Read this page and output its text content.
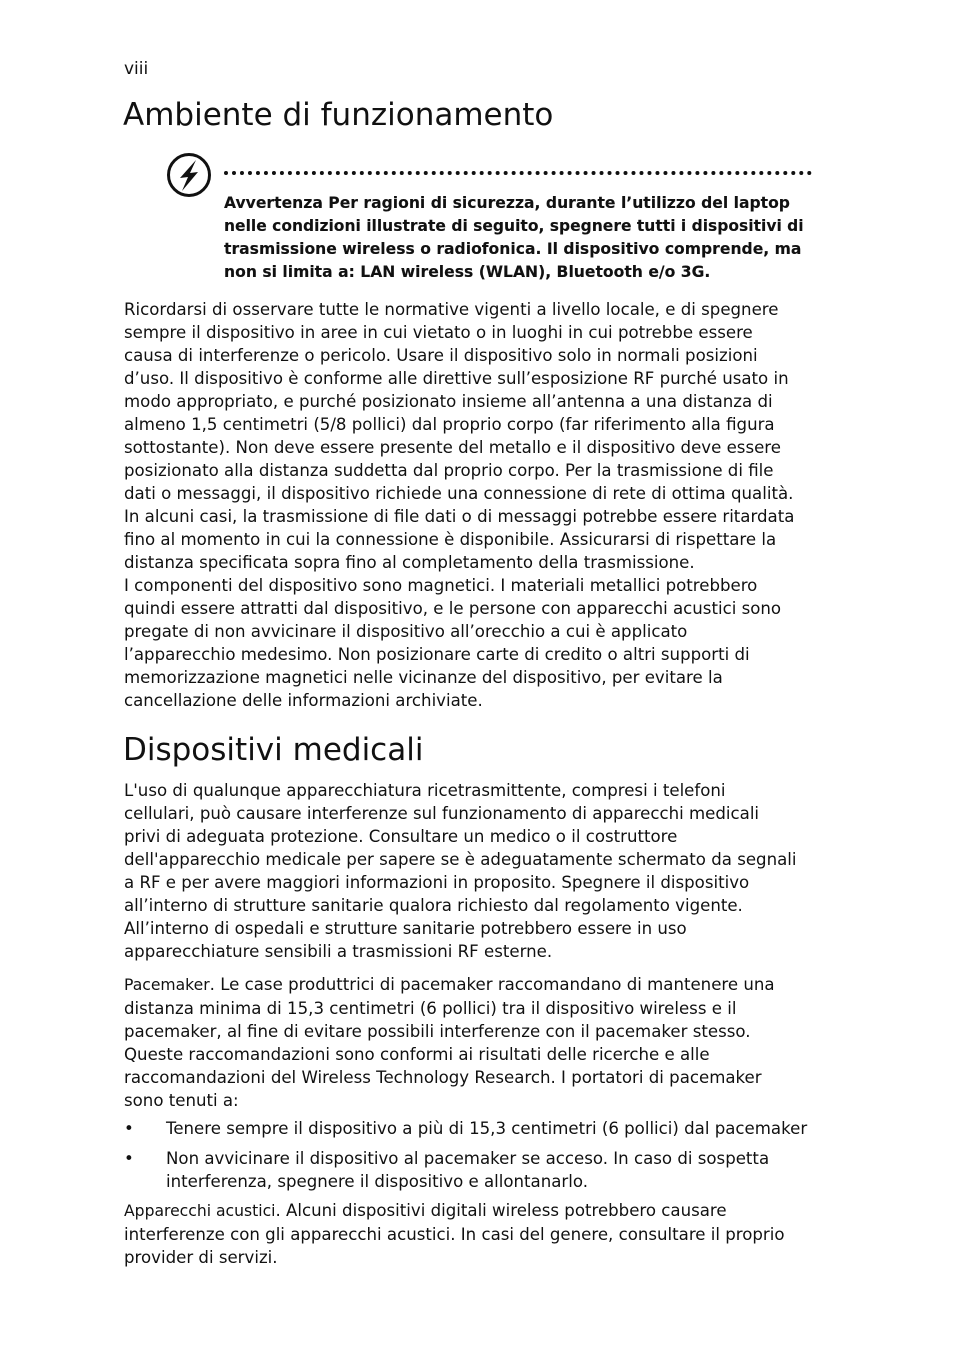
viii
Ambiente di funzionamento
Avvertenza Per ragioni di sicurezza, durante l’utilizzo del laptop
nelle condizioni illustrate di seguito, spegnere tutti i dispositivi di
trasmissione wireless o radiofonica. Il dispositivo comprende, ma
non si limita a: LAN wireless (WLAN), Bluetooth e/o 3G.
Ricordarsi di osservare tutte le normative vigenti a livello locale, e di spegnere
sempre il dispositivo in aree in cui vietato o in luoghi in cui potrebbe essere
causa di interferenze o pericolo. Usare il dispositivo solo in normali posizioni
d’uso. Il dispositivo è conforme alle direttive sull’esposizione RF purché usato in
modo appropriato, e purché posizionato insieme all’antenna a una distanza di
almeno 1,5 centimetri (5/8 pollici) dal proprio corpo (far riferimento alla figura
sottostante). Non deve essere presente del metallo e il dispositivo deve essere
posizionato alla distanza suddetta dal proprio corpo. Per la trasmissione di file
dati o messaggi, il dispositivo richiede una connessione di rete di ottima qualità.
In alcuni casi, la trasmissione di file dati o di messaggi potrebbe essere ritardata
fino al momento in cui la connessione è disponibile. Assicurarsi di rispettare la
distanza specificata sopra fino al completamento della trasmissione.
I componenti del dispositivo sono magnetici. I materiali metallici potrebbero
quindi essere attratti dal dispositivo, e le persone con apparecchi acustici sono
pregate di non avvicinare il dispositivo all’orecchio a cui è applicato
l’apparecchio medesimo. Non posizionare carte di credito o altri supporti di
memorizzazione magnetici nelle vicinanze del dispositivo, per evitare la
cancellazione delle informazioni archiviate.
Dispositivi medicali
L'uso di qualunque apparecchiatura ricetrasmittente, compresi i telefoni
cellulari, può causare interferenze sul funzionamento di apparecchi medicali
privi di adeguata protezione. Consultare un medico o il costruttore
dell'apparecchio medicale per sapere se è adeguatamente schermato da segnali
a RF e per avere maggiori informazioni in proposito. Spegnere il dispositivo
all’interno di strutture sanitarie qualora richiesto dal regolamento vigente.
All’interno di ospedali e strutture sanitarie potrebbero essere in uso
apparecchiature sensibili a trasmissioni RF esterne.
Pacemaker. Le case produttrici di pacemaker raccomandano di mantenere una
distanza minima di 15,3 centimetri (6 pollici) tra il dispositivo wireless e il
pacemaker, al fine di evitare possibili interferenze con il pacemaker stesso.
Queste raccomandazioni sono conformi ai risultati delle ricerche e alle
raccomandazioni del Wireless Technology Research. I portatori di pacemaker
sono tenuti a:
•	Tenere sempre il dispositivo a più di 15,3 centimetri (6 pollici) dal pacemaker
•	Non avvicinare il dispositivo al pacemaker se acceso. In caso di sospetta
interferenza, spegnere il dispositivo e allontanarlo.
Apparecchi acustici. Alcuni dispositivi digitali wireless potrebbero causare
interferenze con gli apparecchi acustici. In casi del genere, consultare il proprio
provider di servizi.
